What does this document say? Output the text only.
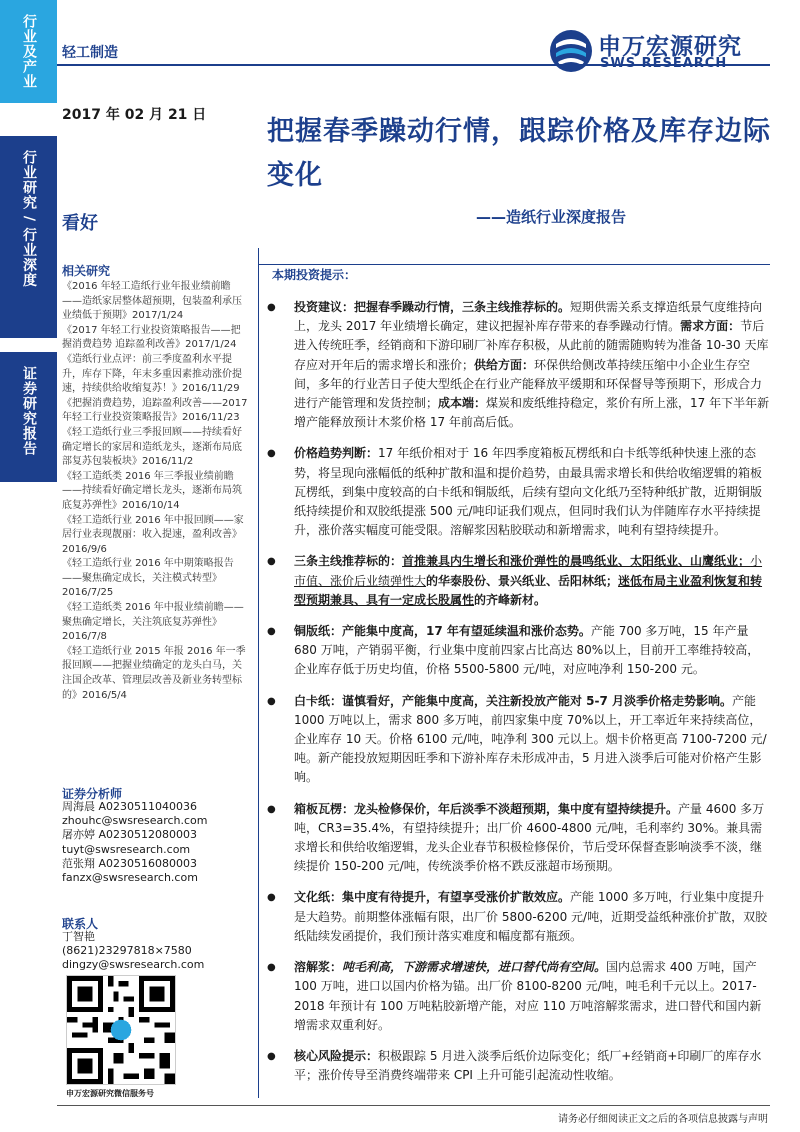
行业及产业
行业研究 / 行业深度
证券研究报告
轻工制造	申万宏源研究
2017 年 02 月 21 日
把握春季躁动行情，跟踪价格及库存边际变化
看好	——造纸行业深度报告
相关研究

《2016 年轻工造纸行业年报业绩前瞻——造纸家居整体超预期，包装盈利承压业绩低于预期》2017/1/24

《2017 年轻工行业投资策略报告——把握消费趋势 追踪盈利改善》2017/1/24

《造纸行业点评：前三季度盈利水平提升，库存下降，年末多重因素推动涨价提速，持续供给收缩复苏！》2016/11/29

《把握消费趋势，追踪盈利改善——2017 年轻工行业投资策略报告》2016/11/23

《轻工造纸行业三季报回顾——持续看好确定增长的家居和造纸龙头，逐渐布局底部复苏包装板块》2016/11/2

《轻工造纸类 2016 年三季报业绩前瞻——持续看好确定增长龙头，逐渐布局筑底复苏弹性》2016/10/14

《轻工造纸行业 2016 年中报回顾——家居行业表现靓丽：收入提速，盈利改善》2016/9/6

《轻工造纸行业 2016 年中期策略报告——聚焦确定成长，关注模式转型》2016/7/25

《轻工造纸类 2016 年中报业绩前瞻——聚焦确定增长，关注筑底复苏弹性》2016/7/8

《轻工造纸行业 2015 年报 2016 年一季报回顾——把握业绩确定的龙头白马，关注国企改革、管理层改善及新业务转型标的》2016/5/4

证券分析师
周海晨 A0230511040036
zhouhc@swsresearch.com
屠亦婷 A0230512080003
tuyt@swsresearch.com
范张翔 A0230516080003
fanzx@swsresearch.com
联系人
丁智艳
(8621)23297818×7580
dingzy@swsresearch.com
申万宏源研究微信服务号
本期投资提示：
● 投资建议：把握春季躁动行情，三条主线推荐标的。短期供需关系支撑造纸景气度维持向上，龙头 2017 年业绩增长确定，建议把握补库存带来的春季躁动行情。需求方面：节后进入传统旺季，经销商和下游印刷厂补库存积极，从此前的随需随购转为准备 10-30 天库存应对开年后的需求增长和涨价；供给方面：环保供给侧改革持续压缩中小企业生存空间，多年的行业苦日子使大型纸企在行业产能释放平缓期和环保督导等预期下，形成合力进行产能管理和发货控制；成本端：煤炭和废纸维持稳定，浆价有所上涨，17 年下半年新增产能释放预计木浆价格 17 年前高后低。
● 价格趋势判断：17 年纸价相对于 16 年四季度箱板瓦楞纸和白卡纸等纸种快速上涨的态势，将呈现向涨幅低的纸种扩散和温和提价趋势，由最具需求增长和供给收缩逻辑的箱板瓦楞纸，到集中度较高的白卡纸和铜版纸，后续有望向文化纸乃至特种纸扩散，近期铜版纸持续提价和双胶纸提涨 500 元/吨印证我们观点，但同时我们认为伴随库存水平持续提升，涨价落实幅度可能受限。溶解浆因粘胶联动和新增需求，吨利有望持续提升。
● 三条主线推荐标的：首推兼具内生增长和涨价弹性的晨鸣纸业、太阳纸业、山鹰纸业；小市值、涨价后业绩弹性大的华泰股份、景兴纸业、岳阳林纸；迷低布局主业盈利恢复和转型预期兼具、具有一定成长股属性的齐峰新材。
● 铜版纸：产能集中度高，17 年有望延续温和涨价态势。产能 700 多万吨，15 年产量 680 万吨，产销弱平衡，行业集中度前四家占比高达 80%以上，目前开工率维持较高，企业库存低于历史均值，价格 5500-5800 元/吨，对应吨净利 150-200 元。
● 白卡纸：谨慎看好，产能集中度高，关注新投放产能对 5-7 月淡季价格走势影响。产能 1000 万吨以上，需求 800 多万吨，前四家集中度 70%以上，开工率近年来持续高位，企业库存 10 天。价格 6100 元/吨，吨净利 300 元以上。烟卡价格更高 7100-7200 元/吨。新产能投放短期因旺季和下游补库存未形成冲击，5 月进入淡季后可能对价格产生影响。
● 箱板瓦楞：龙头检修保价，年后淡季不淡超预期，集中度有望持续提升。产量 4600 多万吨，CR3=35.4%，有望持续提升；出厂价 4600-4800 元/吨，毛利率约 30%。兼具需求增长和供给收缩逻辑，龙头企业春节积极检修保价，节后受环保督查影响淡季不淡，继续提价 150-200 元/吨，传统淡季价格不跌反涨超市场预期。
● 文化纸：集中度有待提升，有望享受涨价扩散效应。产能 1000 多万吨，行业集中度提升是大趋势。前期整体涨幅有限，出厂价 5800-6200 元/吨，近期受益纸种涨价扩散，双胶纸陆续发函提价，我们预计落实难度和幅度都有瓶颈。
● 溶解浆：吨毛利高，下游需求增速快，进口替代尚有空间。国内总需求 400 万吨，国产 100 万吨，进口以国内价格为锚。出厂价 8100-8200 元/吨，吨毛利千元以上。2017-2018 年预计有 100 万吨粘胶新增产能，对应 110 万吨溶解浆需求，进口替代和国内新增需求双重利好。
● 核心风险提示：积极跟踪 5 月进入淡季后纸价边际变化；纸厂+经销商+印刷厂的库存水平；涨价传导至消费终端带来 CPI 上升可能引起流动性收缩。
请务必仔细阅读正文之后的各项信息披露与声明
